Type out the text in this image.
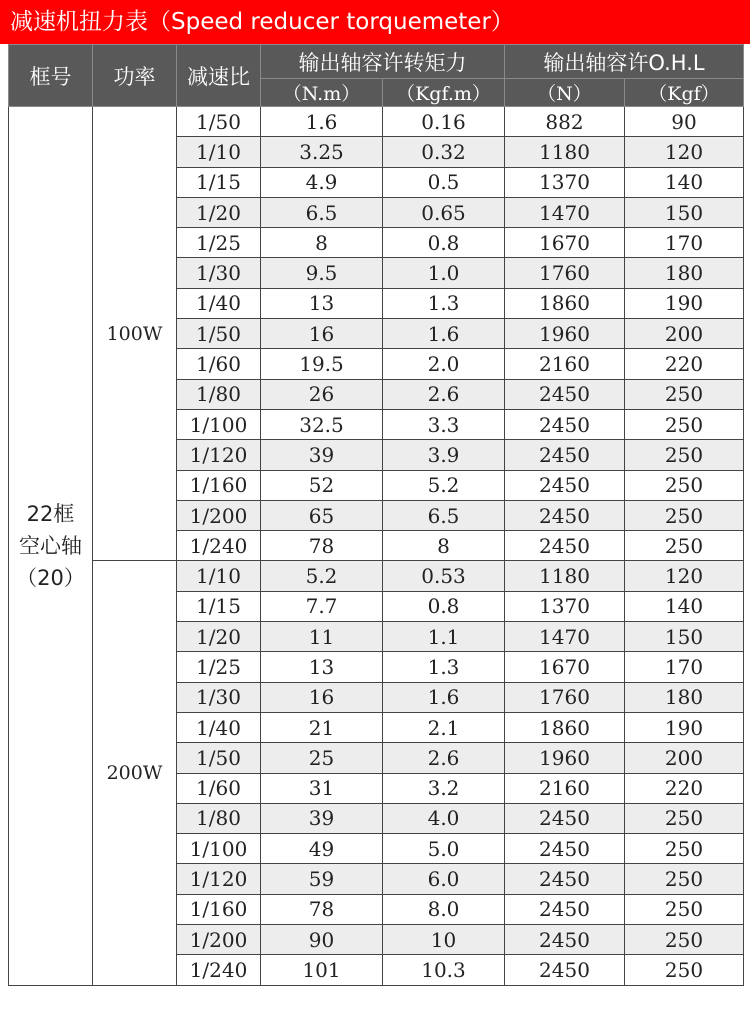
减速机扭力表（Speed reducer torquemeter）
框号	功率	减速比	输出轴容许转矩力		输出轴容许O.H.L	
			（N.m）	（Kgf.m）	（N）	（Kgf）

22框
空心轴
（20）	100W	1/50	1.6	0.16	882	90
		1/10	3.25	0.32	1180	120
		1/15	4.9	0.5	1370	140
		1/20	6.5	0.65	1470	150
		1/25	8	0.8	1670	170
		1/30	9.5	1.0	1760	180
		1/40	13	1.3	1860	190
		1/50	16	1.6	1960	200
		1/60	19.5	2.0	2160	220
		1/80	26	2.6	2450	250
		1/100	32.5	3.3	2450	250
		1/120	39	3.9	2450	250
		1/160	52	5.2	2450	250
		1/200	65	6.5	2450	250
		1/240	78	8	2450	250
	200W	1/10	5.2	0.53	1180	120
		1/15	7.7	0.8	1370	140
		1/20	11	1.1	1470	150
		1/25	13	1.3	1670	170
		1/30	16	1.6	1760	180
		1/40	21	2.1	1860	190
		1/50	25	2.6	1960	200
		1/60	31	3.2	2160	220
		1/80	39	4.0	2450	250
		1/100	49	5.0	2450	250
		1/120	59	6.0	2450	250
		1/160	78	8.0	2450	250
		1/200	90	10	2450	250
		1/240	101	10.3	2450	250
